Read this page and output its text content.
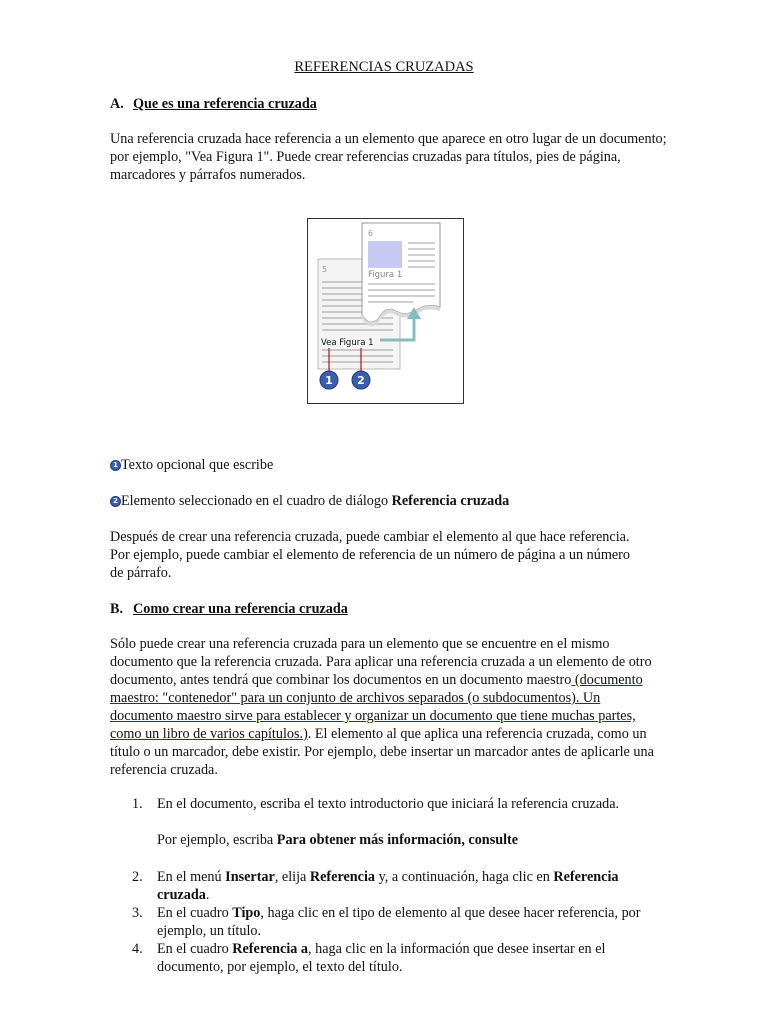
REFERENCIAS CRUZADAS
A. Que es una referencia cruzada

Una referencia cruzada hace referencia a un elemento que aparece en otro lugar de un documento; por ejemplo, "Vea Figura 1". Puede crear referencias cruzadas para títulos, pies de página, marcadores y párrafos numerados.

5
6
Figura 1
Vea Figura 1
1 2
1 Texto opcional que escribe
2 Elemento seleccionado en el cuadro de diálogo Referencia cruzada

Después de crear una referencia cruzada, puede cambiar el elemento al que hace referencia. Por ejemplo, puede cambiar el elemento de referencia de un número de página a un número de párrafo.

B. Como crear una referencia cruzada

Sólo puede crear una referencia cruzada para un elemento que se encuentre en el mismo documento que la referencia cruzada. Para aplicar una referencia cruzada a un elemento de otro documento, antes tendrá que combinar los documentos en un documento maestro (documento maestro: "contenedor" para un conjunto de archivos separados (o subdocumentos). Un documento maestro sirve para establecer y organizar un documento que tiene muchas partes, como un libro de varios capítulos.). El elemento al que aplica una referencia cruzada, como un título o un marcador, debe existir. Por ejemplo, debe insertar un marcador antes de aplicarle una referencia cruzada.

1. En el documento, escriba el texto introductorio que iniciará la referencia cruzada.
Por ejemplo, escriba Para obtener más información, consulte
2. En el menú Insertar, elija Referencia y, a continuación, haga clic en Referencia cruzada.
3. En el cuadro Tipo, haga clic en el tipo de elemento al que desee hacer referencia, por ejemplo, un título.
4. En el cuadro Referencia a, haga clic en la información que desee insertar en el documento, por ejemplo, el texto del título.
